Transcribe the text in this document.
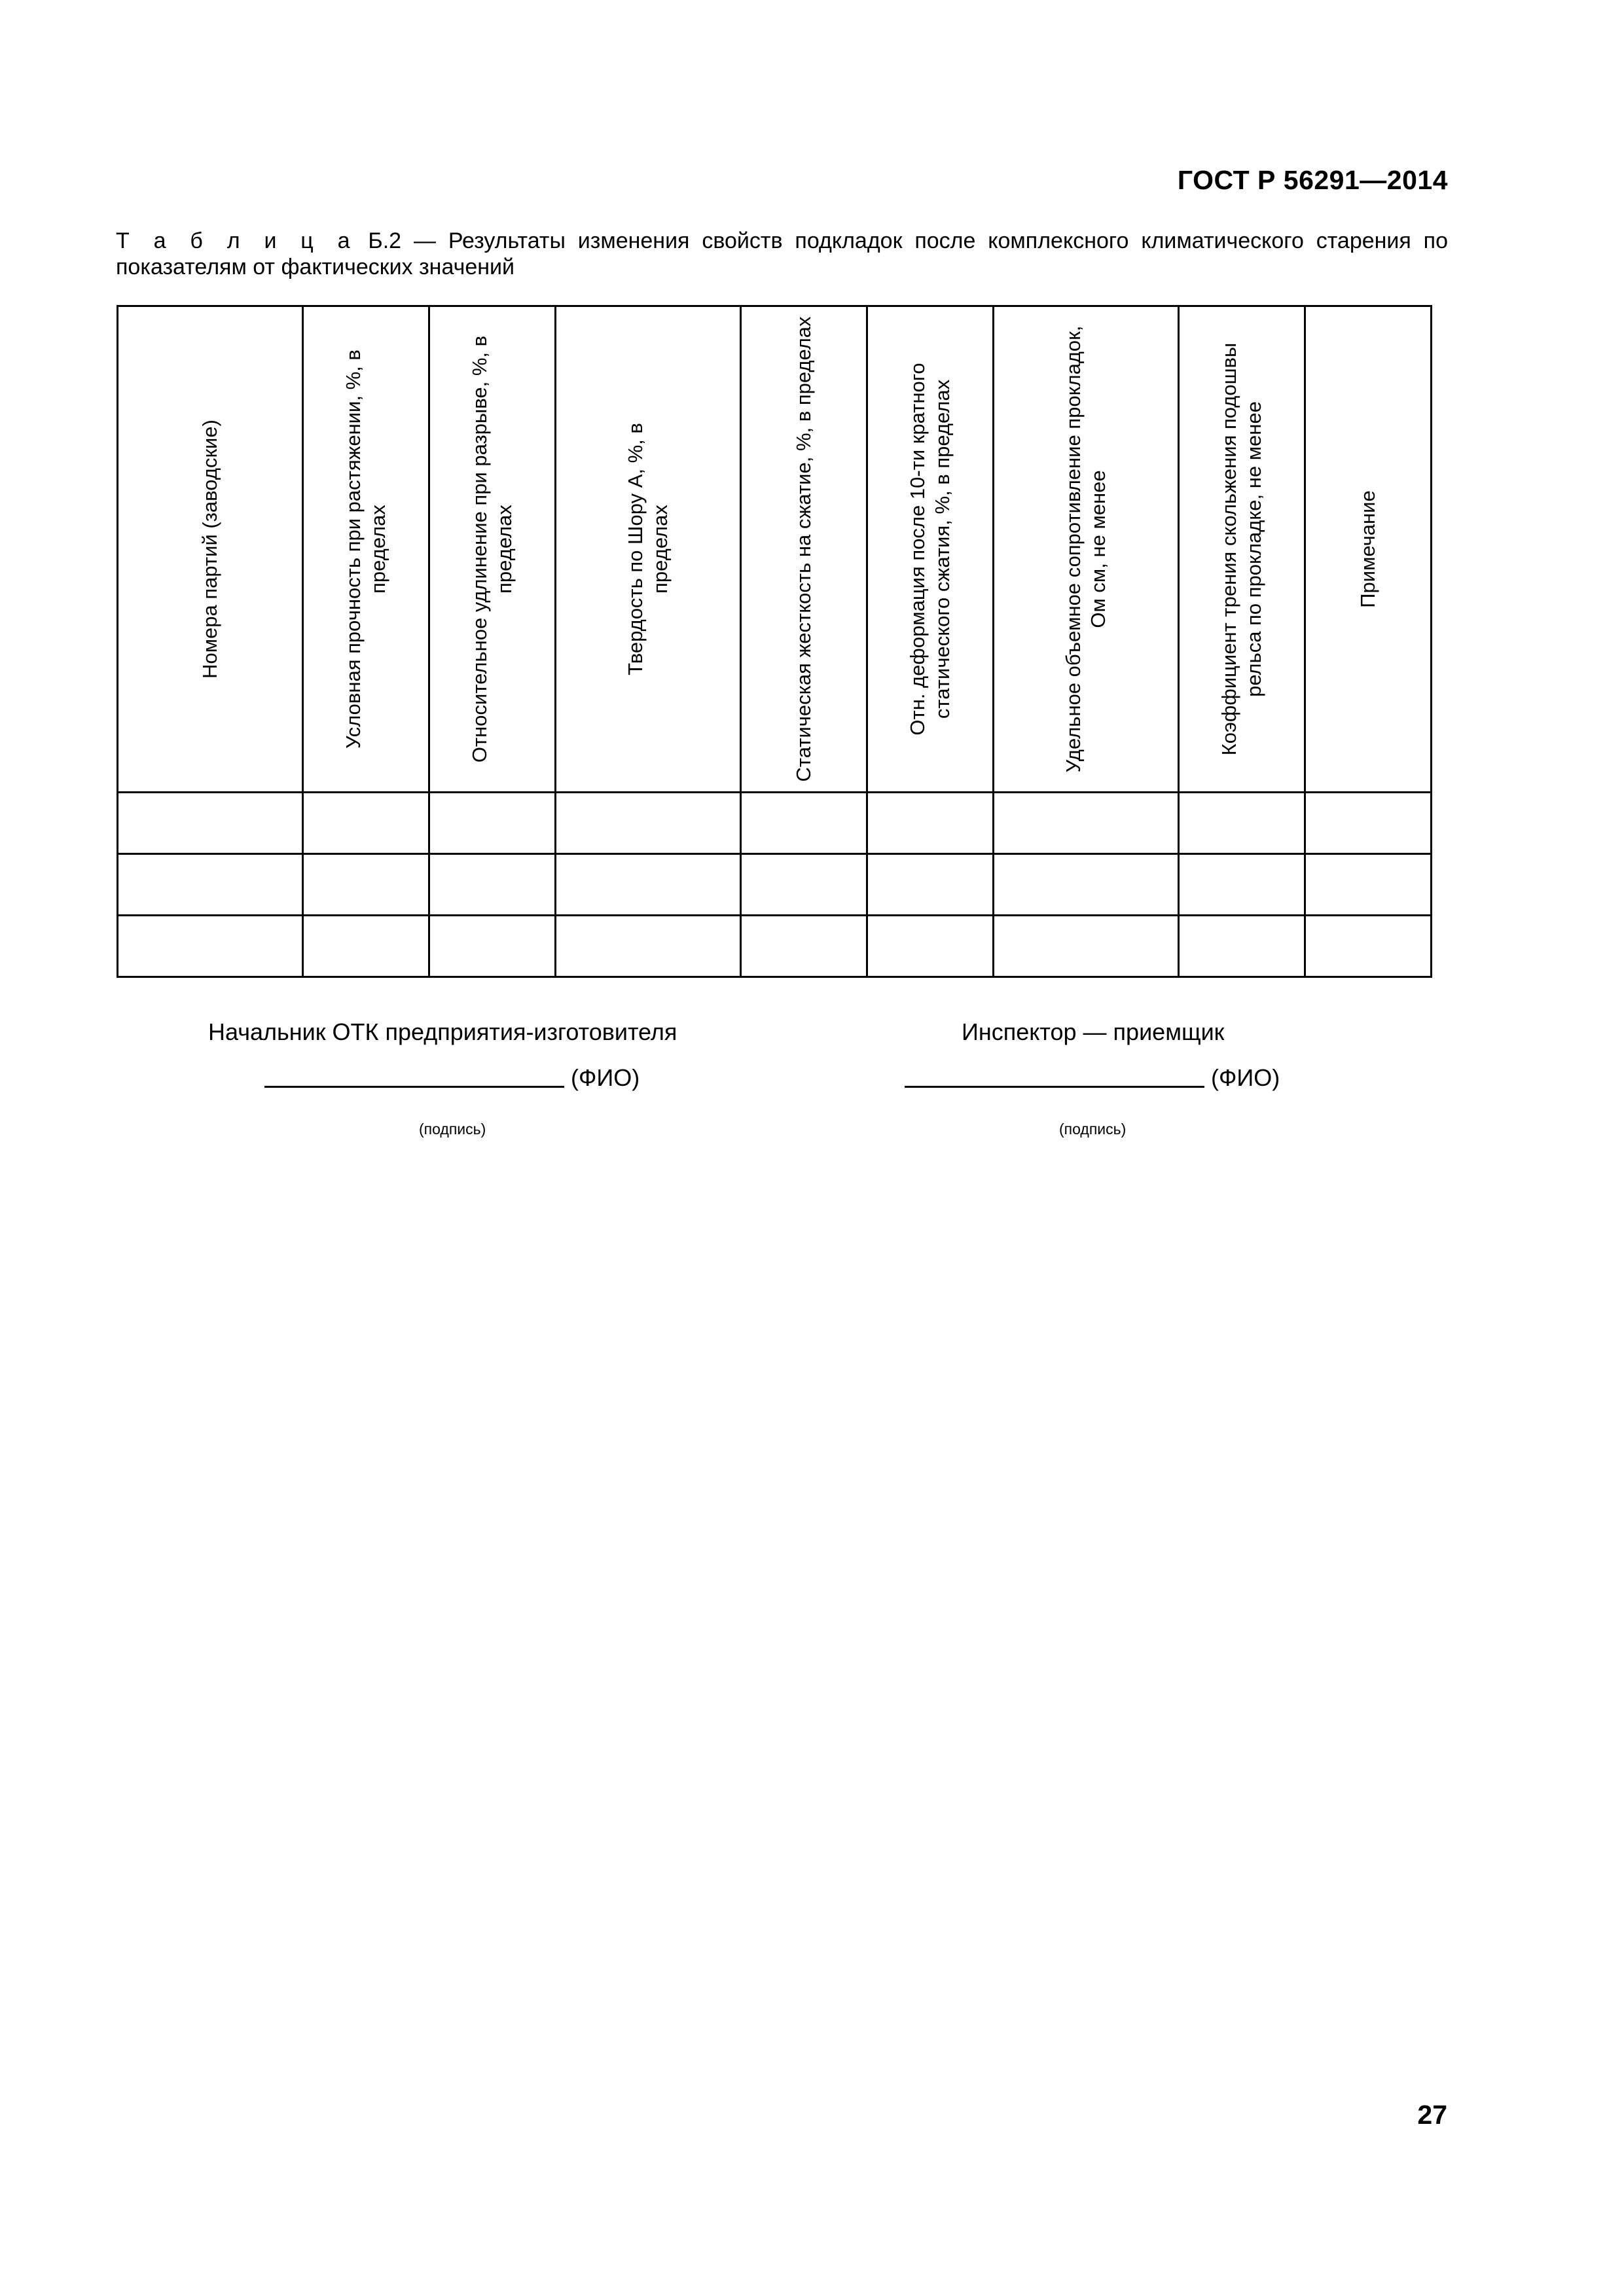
ГОСТ Р 56291—2014
Т а б л и ц а Б.2 — Результаты изменения свойств подкладок после комплексного климатического старения по
показателям от фактических значений
Номера партий (заводские)	Условная прочность при растяжении, %, в пределах	Относительное удлинение при разрыве, %, в пределах	Твердость по Шору А, %, в пределах	Статическая жесткость на сжатие, %, в пределах	Отн. деформация после 10-ти кратного статического сжатия, %, в пределах	Удельное объемное сопротивление прокладок, Ом см, не менее	Коэффициент трения скольжения подошвы рельса по прокладке, не менее	Примечание

Начальник ОТК предприятия-изготовителя
(ФИО)
(подпись)
Инспектор — приемщик
(ФИО)
(подпись)
27
